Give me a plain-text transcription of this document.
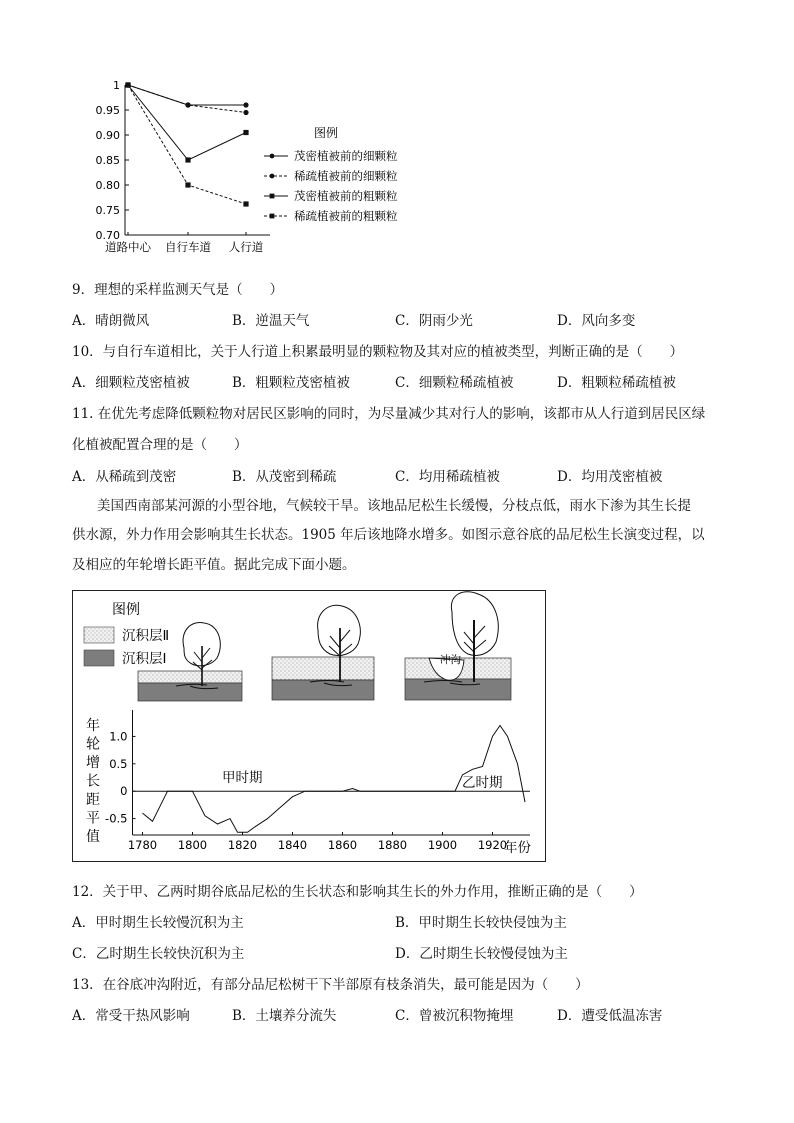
1
0.95
0.90
0.85
0.80
0.75
0.70
道路中心 自行车道 人行道
图例
茂密植被前的细颗粒
稀疏植被前的细颗粒
茂密植被前的粗颗粒
稀疏植被前的粗颗粒
9．理想的采样监测天气是（　　）
A．晴朗微风	B．逆温天气	C．阴雨少光	D．风向多变
10．与自行车道相比，关于人行道上积累最明显的颗粒物及其对应的植被类型，判断正确的是（　　）
A．细颗粒茂密植被	B．粗颗粒茂密植被	C．细颗粒稀疏植被	D．粗颗粒稀疏植被
11. 在优先考虑降低颗粒物对居民区影响的同时，为尽量减少其对行人的影响，该都市从人行道到居民区绿
化植被配置合理的是（　　）
A．从稀疏到茂密	B．从茂密到稀疏	C．均用稀疏植被	D．均用茂密植被
美国西南部某河源的小型谷地，气候较干旱。该地品尼松生长缓慢，分枝点低，雨水下渗为其生长提
供水源，外力作用会影响其生长状态。1905 年后该地降水增多。如图示意谷底的品尼松生长演变过程，以
及相应的年轮增长距平值。据此完成下面小题。
图例
沉积层Ⅱ
沉积层Ⅰ	冲沟
年
轮
增
长
距
平
值
1.0
0.5
0
-0.5
1780 1800 1820 1840 1860 1880 1900 1920
甲时期	乙时期
年份
12．关于甲、乙两时期谷底品尼松的生长状态和影响其生长的外力作用，推断正确的是（　　）
A．甲时期生长较慢沉积为主	B．甲时期生长较快侵蚀为主
C．乙时期生长较快沉积为主	D．乙时期生长较慢侵蚀为主
13．在谷底冲沟附近，有部分品尼松树干下半部原有枝条消失，最可能是因为（　　）
A．常受干热风影响	B．土壤养分流失	C．曾被沉积物掩埋	D．遭受低温冻害
